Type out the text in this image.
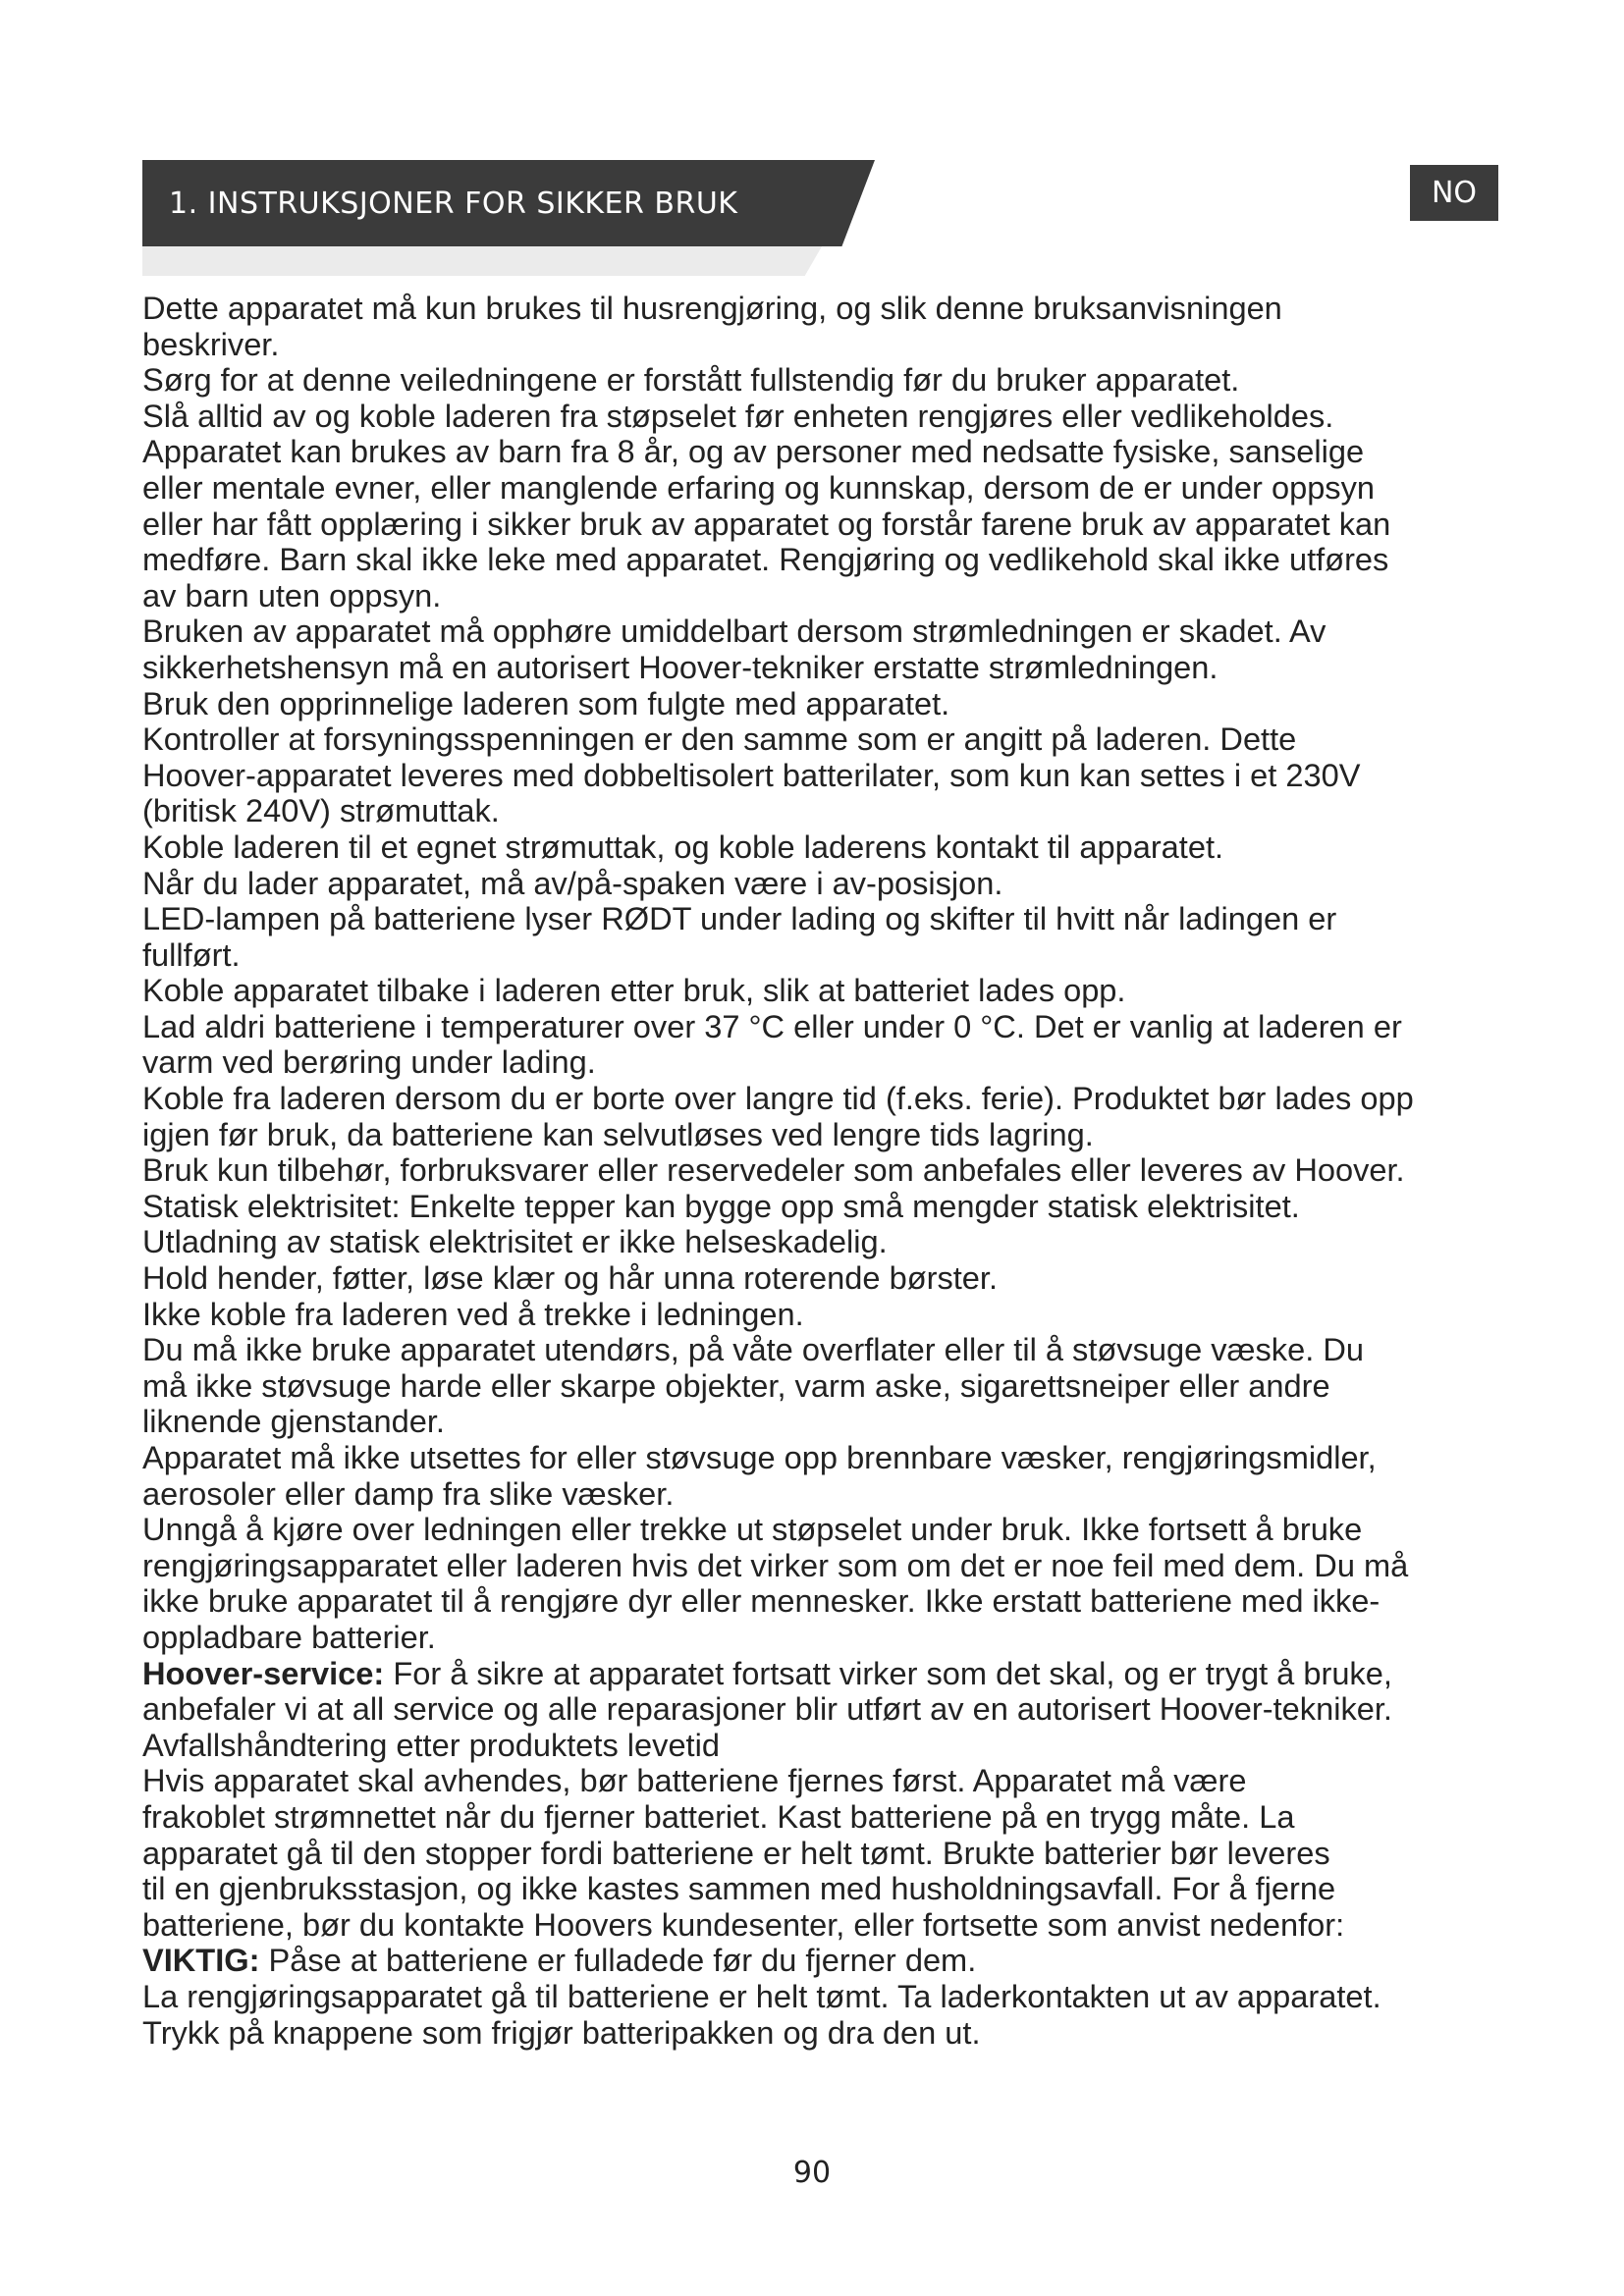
1. INSTRUKSJONER FOR SIKKER BRUK	NO

Dette apparatet må kun brukes til husrengjøring, og slik denne bruksanvisningen

beskriver.

Sørg for at denne veiledningene er forstått fullstendig før du bruker apparatet.

Slå alltid av og koble laderen fra støpselet før enheten rengjøres eller vedlikeholdes.

Apparatet kan brukes av barn fra 8 år, og av personer med nedsatte fysiske, sanselige

eller mentale evner, eller manglende erfaring og kunnskap, dersom de er under oppsyn

eller har fått opplæring i sikker bruk av apparatet og forstår farene bruk av apparatet kan

medføre. Barn skal ikke leke med apparatet. Rengjøring og vedlikehold skal ikke utføres

av barn uten oppsyn.

Bruken av apparatet må opphøre umiddelbart dersom strømledningen er skadet. Av

sikkerhetshensyn må en autorisert Hoover-tekniker erstatte strømledningen.

Bruk den opprinnelige laderen som fulgte med apparatet.

Kontroller at forsyningsspenningen er den samme som er angitt på laderen. Dette

Hoover-apparatet leveres med dobbeltisolert batterilater, som kun kan settes i et 230V

(britisk 240V) strømuttak.

Koble laderen til et egnet strømuttak, og koble laderens kontakt til apparatet.

Når du lader apparatet, må av/på-spaken være i av-posisjon.

LED-lampen på batteriene lyser RØDT under lading og skifter til hvitt når ladingen er

fullført.

Koble apparatet tilbake i laderen etter bruk, slik at batteriet lades opp.

Lad aldri batteriene i temperaturer over 37 °C eller under 0 °C. Det er vanlig at laderen er

varm ved berøring under lading.

Koble fra laderen dersom du er borte over langre tid (f.eks. ferie). Produktet bør lades opp

igjen før bruk, da batteriene kan selvutløses ved lengre tids lagring.

Bruk kun tilbehør, forbruksvarer eller reservedeler som anbefales eller leveres av Hoover.

Statisk elektrisitet: Enkelte tepper kan bygge opp små mengder statisk elektrisitet.

Utladning av statisk elektrisitet er ikke helseskadelig.

Hold hender, føtter, løse klær og hår unna roterende børster.

Ikke koble fra laderen ved å trekke i ledningen.

Du må ikke bruke apparatet utendørs, på våte overflater eller til å støvsuge væske. Du

må ikke støvsuge harde eller skarpe objekter, varm aske, sigarettsneiper eller andre

liknende gjenstander.

Apparatet må ikke utsettes for eller støvsuge opp brennbare væsker, rengjøringsmidler,

aerosoler eller damp fra slike væsker.

Unngå å kjøre over ledningen eller trekke ut støpselet under bruk. Ikke fortsett å bruke

rengjøringsapparatet eller laderen hvis det virker som om det er noe feil med dem. Du må

ikke bruke apparatet til å rengjøre dyr eller mennesker. Ikke erstatt batteriene med ikke-

oppladbare batterier.

Hoover-service: For å sikre at apparatet fortsatt virker som det skal, og er trygt å bruke,

anbefaler vi at all service og alle reparasjoner blir utført av en autorisert Hoover-tekniker.

Avfallshåndtering etter produktets levetid

Hvis apparatet skal avhendes, bør batteriene fjernes først. Apparatet må være

frakoblet strømnettet når du fjerner batteriet. Kast batteriene på en trygg måte. La

apparatet gå til den stopper fordi batteriene er helt tømt. Brukte batterier bør leveres

til en gjenbruksstasjon, og ikke kastes sammen med husholdningsavfall. For å fjerne

batteriene, bør du kontakte Hoovers kundesenter, eller fortsette som anvist nedenfor:

VIKTIG: Påse at batteriene er fulladede før du fjerner dem.

La rengjøringsapparatet gå til batteriene er helt tømt. Ta laderkontakten ut av apparatet.

Trykk på knappene som frigjør batteripakken og dra den ut.

90
